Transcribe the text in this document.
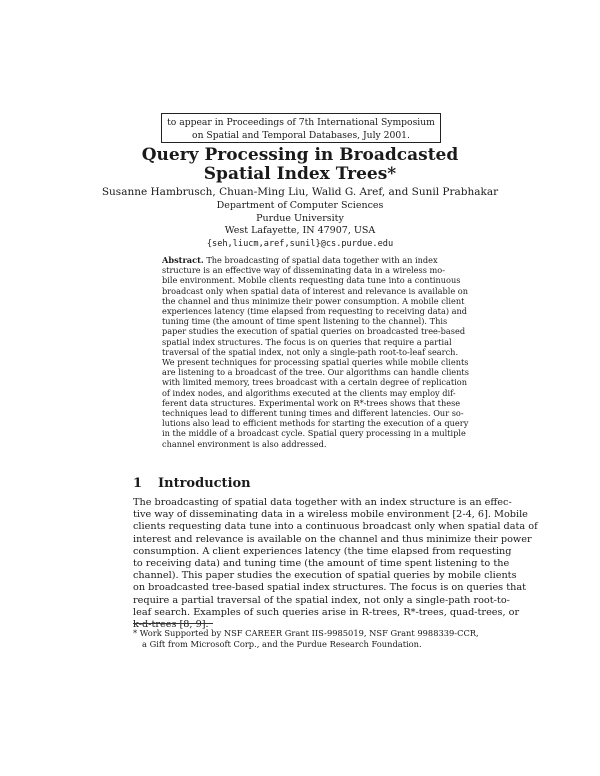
to appear in Proceedings of 7th International Symposium
on Spatial and Temporal Databases, July 2001.
Query Processing in Broadcasted
Spatial Index Trees*
Susanne Hambrusch, Chuan-Ming Liu, Walid G. Aref, and Sunil Prabhakar
Department of Computer Sciences
Purdue University
West Lafayette, IN 47907, USA
{seh,liucm,aref,sunil}@cs.purdue.edu
Abstract. The broadcasting of spatial data together with an index
structure is an effective way of disseminating data in a wireless mo-
bile environment. Mobile clients requesting data tune into a continuous
broadcast only when spatial data of interest and relevance is available on
the channel and thus minimize their power consumption. A mobile client
experiences latency (time elapsed from requesting to receiving data) and
tuning time (the amount of time spent listening to the channel). This
paper studies the execution of spatial queries on broadcasted tree-based
spatial index structures. The focus is on queries that require a partial
traversal of the spatial index, not only a single-path root-to-leaf search.
We present techniques for processing spatial queries while mobile clients
are listening to a broadcast of the tree. Our algorithms can handle clients
with limited memory, trees broadcast with a certain degree of replication
of index nodes, and algorithms executed at the clients may employ dif-
ferent data structures. Experimental work on R*-trees shows that these
techniques lead to different tuning times and different latencies. Our so-
lutions also lead to efficient methods for starting the execution of a query
in the middle of a broadcast cycle. Spatial query processing in a multiple
channel environment is also addressed.
1 Introduction
The broadcasting of spatial data together with an index structure is an effec-
tive way of disseminating data in a wireless mobile environment [2-4, 6]. Mobile
clients requesting data tune into a continuous broadcast only when spatial data of
interest and relevance is available on the channel and thus minimize their power
consumption. A client experiences latency (the time elapsed from requesting
to receiving data) and tuning time (the amount of time spent listening to the
channel). This paper studies the execution of spatial queries by mobile clients
on broadcasted tree-based spatial index structures. The focus is on queries that
require a partial traversal of the spatial index, not only a single-path root-to-
leaf search. Examples of such queries arise in R-trees, R*-trees, quad-trees, or
k-d-trees [8, 9].
* Work Supported by NSF CAREER Grant IIS-9985019, NSF Grant 9988339-CCR,
a Gift from Microsoft Corp., and the Purdue Research Foundation.
